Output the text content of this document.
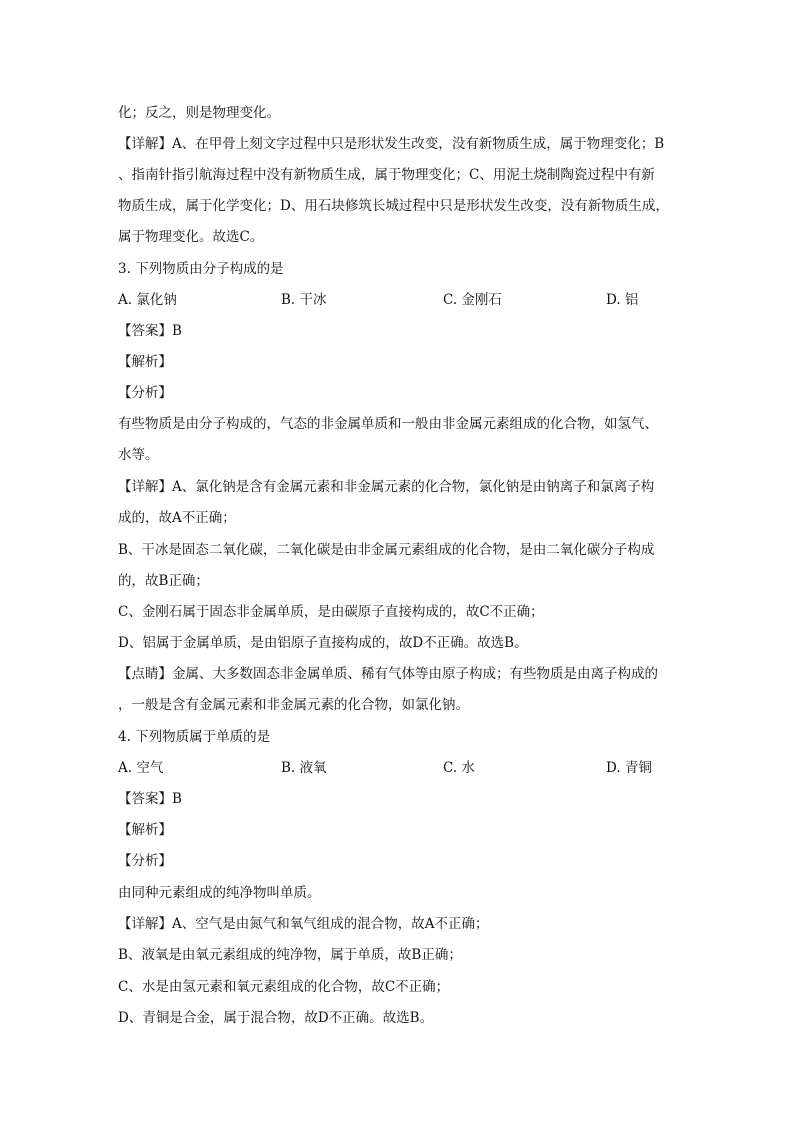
化；反之，则是物理变化。
【详解】A、在甲骨上刻文字过程中只是形状发生改变，没有新物质生成，属于物理变化；B
、指南针指引航海过程中没有新物质生成，属于物理变化；C、用泥土烧制陶瓷过程中有新
物质生成，属于化学变化；D、用石块修筑长城过程中只是形状发生改变，没有新物质生成，
属于物理变化。故选C。
3. 下列物质由分子构成的是
A. 氯化钠	B. 干冰	C. 金刚石	D. 铝
【答案】B
【解析】
【分析】
有些物质是由分子构成的，气态的非金属单质和一般由非金属元素组成的化合物，如氢气、
水等。
【详解】A、氯化钠是含有金属元素和非金属元素的化合物，氯化钠是由钠离子和氯离子构
成的，故A不正确；
B、干冰是固态二氧化碳，二氧化碳是由非金属元素组成的化合物，是由二氧化碳分子构成
的，故B正确；
C、金刚石属于固态非金属单质，是由碳原子直接构成的，故C不正确；
D、铝属于金属单质，是由铝原子直接构成的，故D不正确。故选B。
【点睛】金属、大多数固态非金属单质、稀有气体等由原子构成；有些物质是由离子构成的
，一般是含有金属元素和非金属元素的化合物，如氯化钠。
4. 下列物质属于单质的是
A. 空气	B. 液氧	C. 水	D. 青铜
【答案】B
【解析】
【分析】
由同种元素组成的纯净物叫单质。
【详解】A、空气是由氮气和氧气组成的混合物，故A不正确；
B、液氧是由氧元素组成的纯净物，属于单质，故B正确；
C、水是由氢元素和氧元素组成的化合物，故C不正确；
D、青铜是合金，属于混合物，故D不正确。故选B。
